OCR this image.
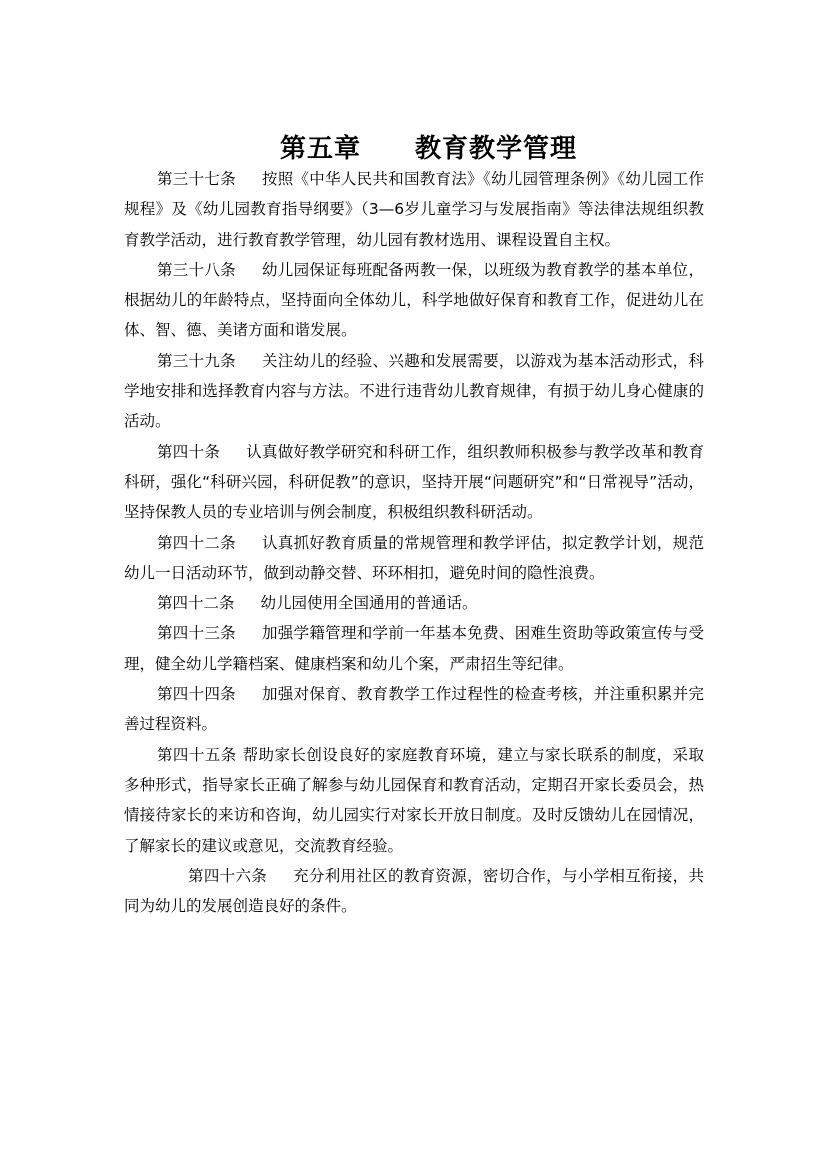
第五章 教育教学管理

第三十七条 按照《中华人民共和国教育法》《幼儿园管理条例》《幼儿园工作规程》及《幼儿园教育指导纲要》（3—6岁儿童学习与发展指南》等法律法规组织教育教学活动，进行教育教学管理，幼儿园有教材选用、课程设置自主权。

第三十八条 幼儿园保证每班配备两教一保，以班级为教育教学的基本单位，根据幼儿的年龄特点，坚持面向全体幼儿，科学地做好保育和教育工作，促进幼儿在体、智、德、美诸方面和谐发展。

第三十九条 关注幼儿的经验、兴趣和发展需要，以游戏为基本活动形式，科学地安排和选择教育内容与方法。不进行违背幼儿教育规律，有损于幼儿身心健康的活动。

第四十条 认真做好教学研究和科研工作，组织教师积极参与教学改革和教育科研，强化“科研兴园，科研促教”的意识，坚持开展“问题研究”和“日常视导”活动，坚持保教人员的专业培训与例会制度，积极组织教科研活动。

第四十二条 认真抓好教育质量的常规管理和教学评估，拟定教学计划，规范幼儿一日活动环节，做到动静交替、环环相扣，避免时间的隐性浪费。

第四十二条 幼儿园使用全国通用的普通话。

第四十三条 加强学籍管理和学前一年基本免费、困难生资助等政策宣传与受理，健全幼儿学籍档案、健康档案和幼儿个案，严肃招生等纪律。

第四十四条 加强对保育、教育教学工作过程性的检查考核，并注重积累并完善过程资料。

第四十五条 帮助家长创设良好的家庭教育环境，建立与家长联系的制度，采取多种形式，指导家长正确了解参与幼儿园保育和教育活动，定期召开家长委员会，热情接待家长的来访和咨询，幼儿园实行对家长开放日制度。及时反馈幼儿在园情况，了解家长的建议或意见，交流教育经验。

第四十六条 充分利用社区的教育资源，密切合作，与小学相互衔接，共同为幼儿的发展创造良好的条件。
